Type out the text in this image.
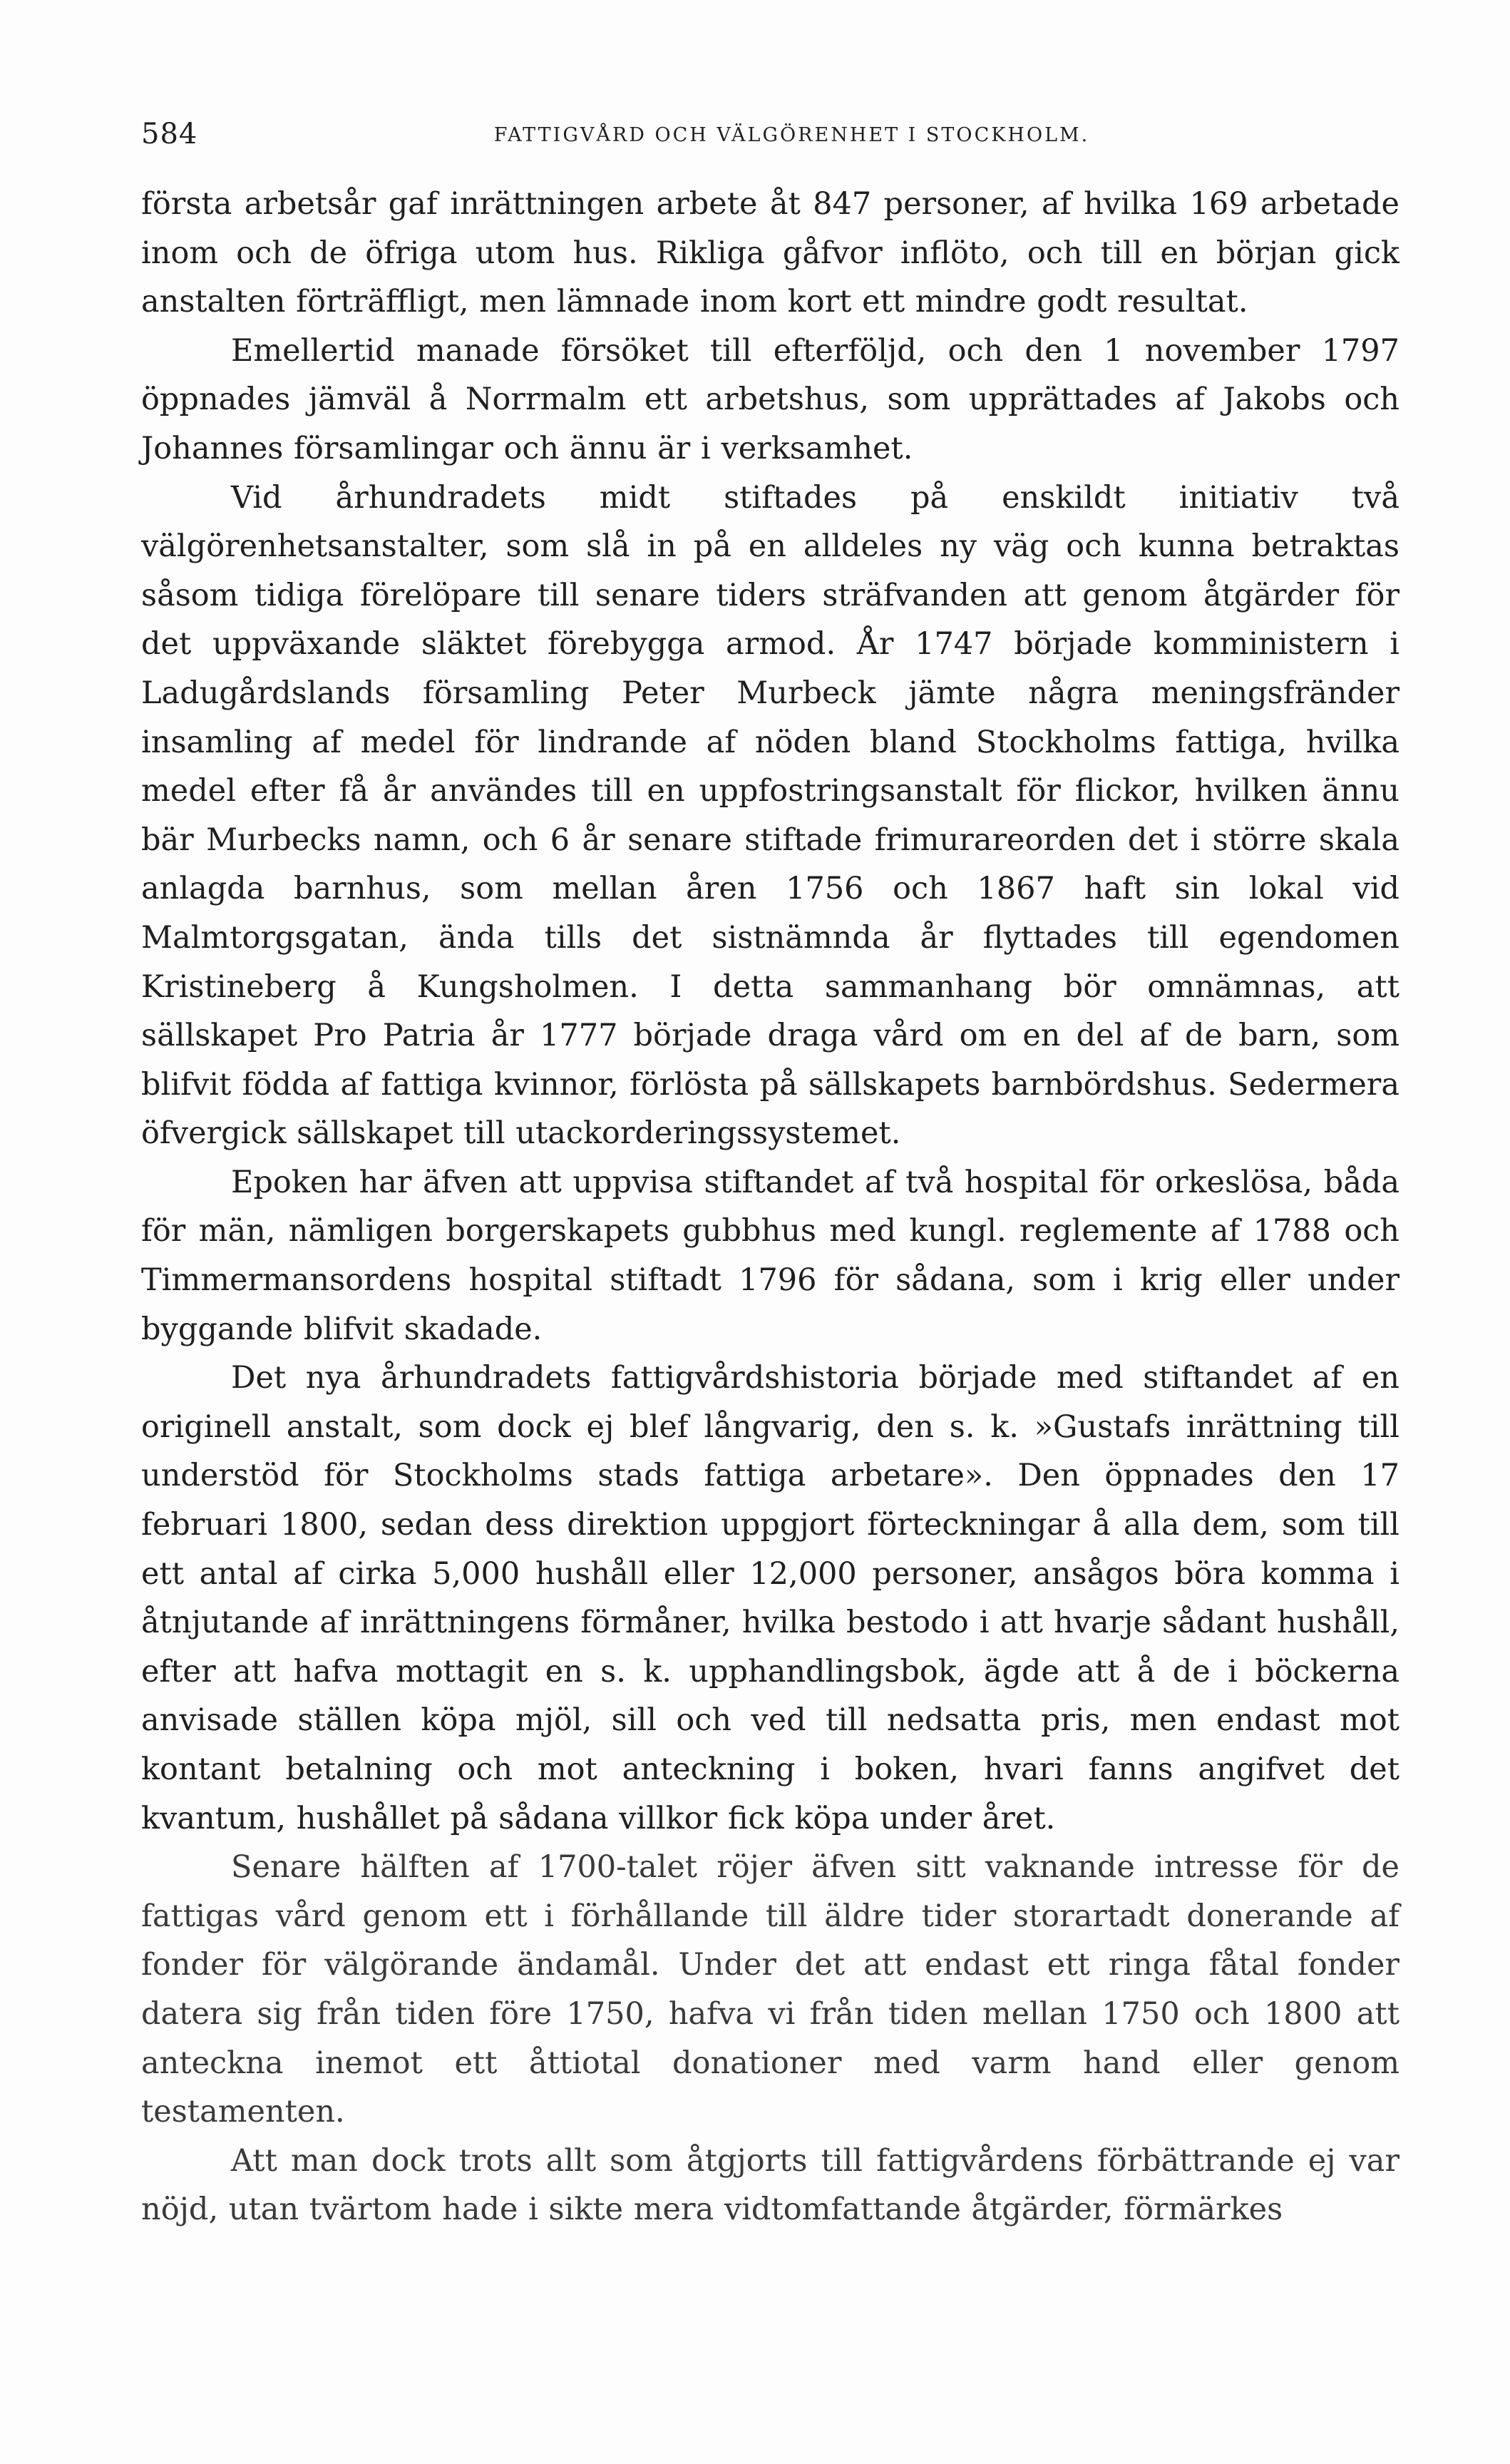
584	FATTIGVÅRD OCH VÄLGÖRENHET I STOCKHOLM.

första arbetsår gaf inrättningen arbete åt 847 personer, af hvilka 169 arbetade inom och de öfriga utom hus. Rikliga gåfvor inflöto, och till en början gick anstalten förträffligt, men lämnade inom kort ett mindre godt resultat.

Emellertid manade försöket till efterföljd, och den 1 november 1797 öppnades jämväl å Norrmalm ett arbetshus, som upprättades af Jakobs och Johannes församlingar och ännu är i verksamhet.

Vid århundradets midt stiftades på enskildt initiativ två välgörenhetsanstalter, som slå in på en alldeles ny väg och kunna betraktas såsom tidiga förelöpare till senare tiders sträfvanden att genom åtgärder för det uppväxande släktet förebygga armod. År 1747 började komministern i Ladugårdslands församling Peter Murbeck jämte några meningsfränder insamling af medel för lindrande af nöden bland Stockholms fattiga, hvilka medel efter få år användes till en uppfostringsanstalt för flickor, hvilken ännu bär Murbecks namn, och 6 år senare stiftade frimurareorden det i större skala anlagda barnhus, som mellan åren 1756 och 1867 haft sin lokal vid Malmtorgsgatan, ända tills det sistnämnda år flyttades till egendomen Kristineberg å Kungsholmen. I detta sammanhang bör omnämnas, att sällskapet Pro Patria år 1777 började draga vård om en del af de barn, som blifvit födda af fattiga kvinnor, förlösta på sällskapets barnbördshus. Sedermera öfvergick sällskapet till utackorderingssystemet.

Epoken har äfven att uppvisa stiftandet af två hospital för orkeslösa, båda för män, nämligen borgerskapets gubbhus med kungl. reglemente af 1788 och Timmermansordens hospital stiftadt 1796 för sådana, som i krig eller under byggande blifvit skadade.

Det nya århundradets fattigvårdshistoria började med stiftandet af en originell anstalt, som dock ej blef långvarig, den s. k. »Gustafs inrättning till understöd för Stockholms stads fattiga arbetare». Den öppnades den 17 februari 1800, sedan dess direktion uppgjort förteckningar å alla dem, som till ett antal af cirka 5,000 hushåll eller 12,000 personer, ansågos böra komma i åtnjutande af inrättningens förmåner, hvilka bestodo i att hvarje sådant hushåll, efter att hafva mottagit en s. k. upphandlingsbok, ägde att å de i böckerna anvisade ställen köpa mjöl, sill och ved till nedsatta pris, men endast mot kontant betalning och mot anteckning i boken, hvari fanns angifvet det kvantum, hushållet på sådana villkor fick köpa under året.

Senare hälften af 1700-talet röjer äfven sitt vaknande intresse för de fattigas vård genom ett i förhållande till äldre tider storartadt donerande af fonder för välgörande ändamål. Under det att endast ett ringa fåtal fonder datera sig från tiden före 1750, hafva vi från tiden mellan 1750 och 1800 att anteckna inemot ett åttiotal donationer med varm hand eller genom testamenten.

Att man dock trots allt som åtgjorts till fattigvårdens förbättrande ej var nöjd, utan tvärtom hade i sikte mera vidtomfattande åtgärder, förmärkes
